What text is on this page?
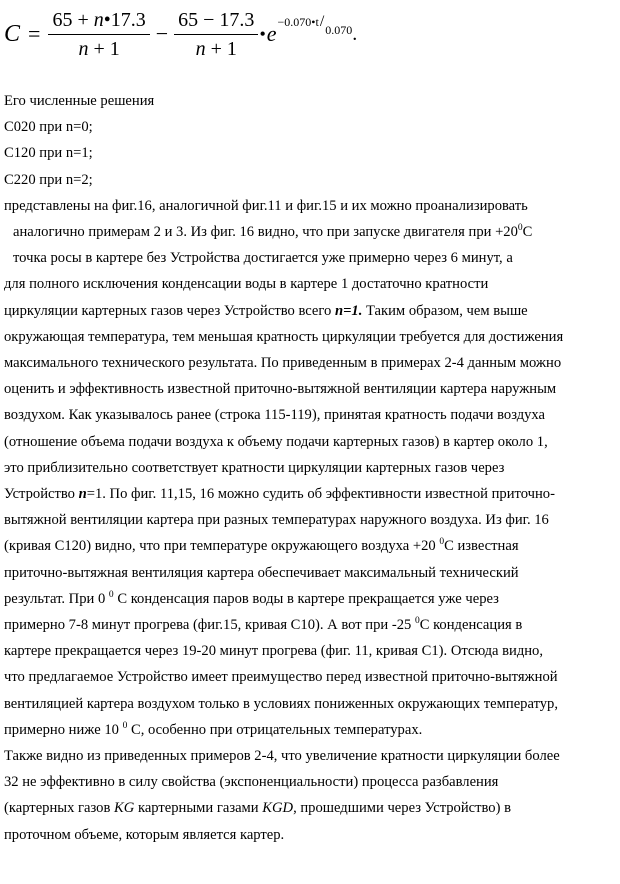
$C = \frac{65 + n•17.3}{n + 1} - \frac{65 - 17.3}{n + 1}$ • e −0.070•t/0.070 .
Его численные решения
С020 при n=0;
С120 при n=1;
С220 при n=2;
представлены на фиг.16, аналогичной фиг.11 и фиг.15 и их можно проанализировать
аналогично примерам 2 и 3. Из фиг. 16 видно, что при запуске двигателя при $+20^0С$
точка росы в картере без Устройства достигается уже примерно через 6 минут, а
для полного исключения конденсации воды в картере 1 достаточно кратности
циркуляции картерных газов через Устройство всего n=1. Таким образом, чем выше
окружающая температура, тем меньшая кратность циркуляции требуется для достижения
максимального технического результата. По приведенным в примерах 2-4 данным можно
оценить и эффективность известной приточно-вытяжной вентиляции картера наружным
воздухом. Как указывалось ранее (строка 115-119), принятая кратность подачи воздуха
(отношение объема подачи воздуха к объему подачи картерных газов) в картер около 1,
это приблизительно соответствует кратности циркуляции картерных газов через
Устройство n=1. По фиг. 11,15, 16 можно судить об эффективности известной приточно-
вытяжной вентиляции картера при разных температурах наружного воздуха. Из фиг. 16
(кривая С120) видно, что при температуре окружающего воздуха +20 $^0$С известная
приточно-вытяжная вентиляция картера обеспечивает максимальный технический
результат. При 0 $^0$ С конденсация паров воды в картере прекращается уже через
примерно 7-8 минут прогрева (фиг.15, кривая С10). А вот при -25 $^0$С конденсация в
картере прекращается через 19-20 минут прогрева (фиг. 11, кривая С1). Отсюда видно,
что предлагаемое Устройство имеет преимущество перед известной приточно-вытяжной
вентиляцией картера воздухом только в условиях пониженных окружающих температур,
примерно ниже 10 $^0$ С, особенно при отрицательных температурах.
Также видно из приведенных примеров 2-4, что увеличение кратности циркуляции более
32 не эффективно в силу свойства (экспоненциальности) процесса разбавления
(картерных газов KG картерными газами KGD, прошедшими через Устройство) в
проточном объеме, которым является картер.
